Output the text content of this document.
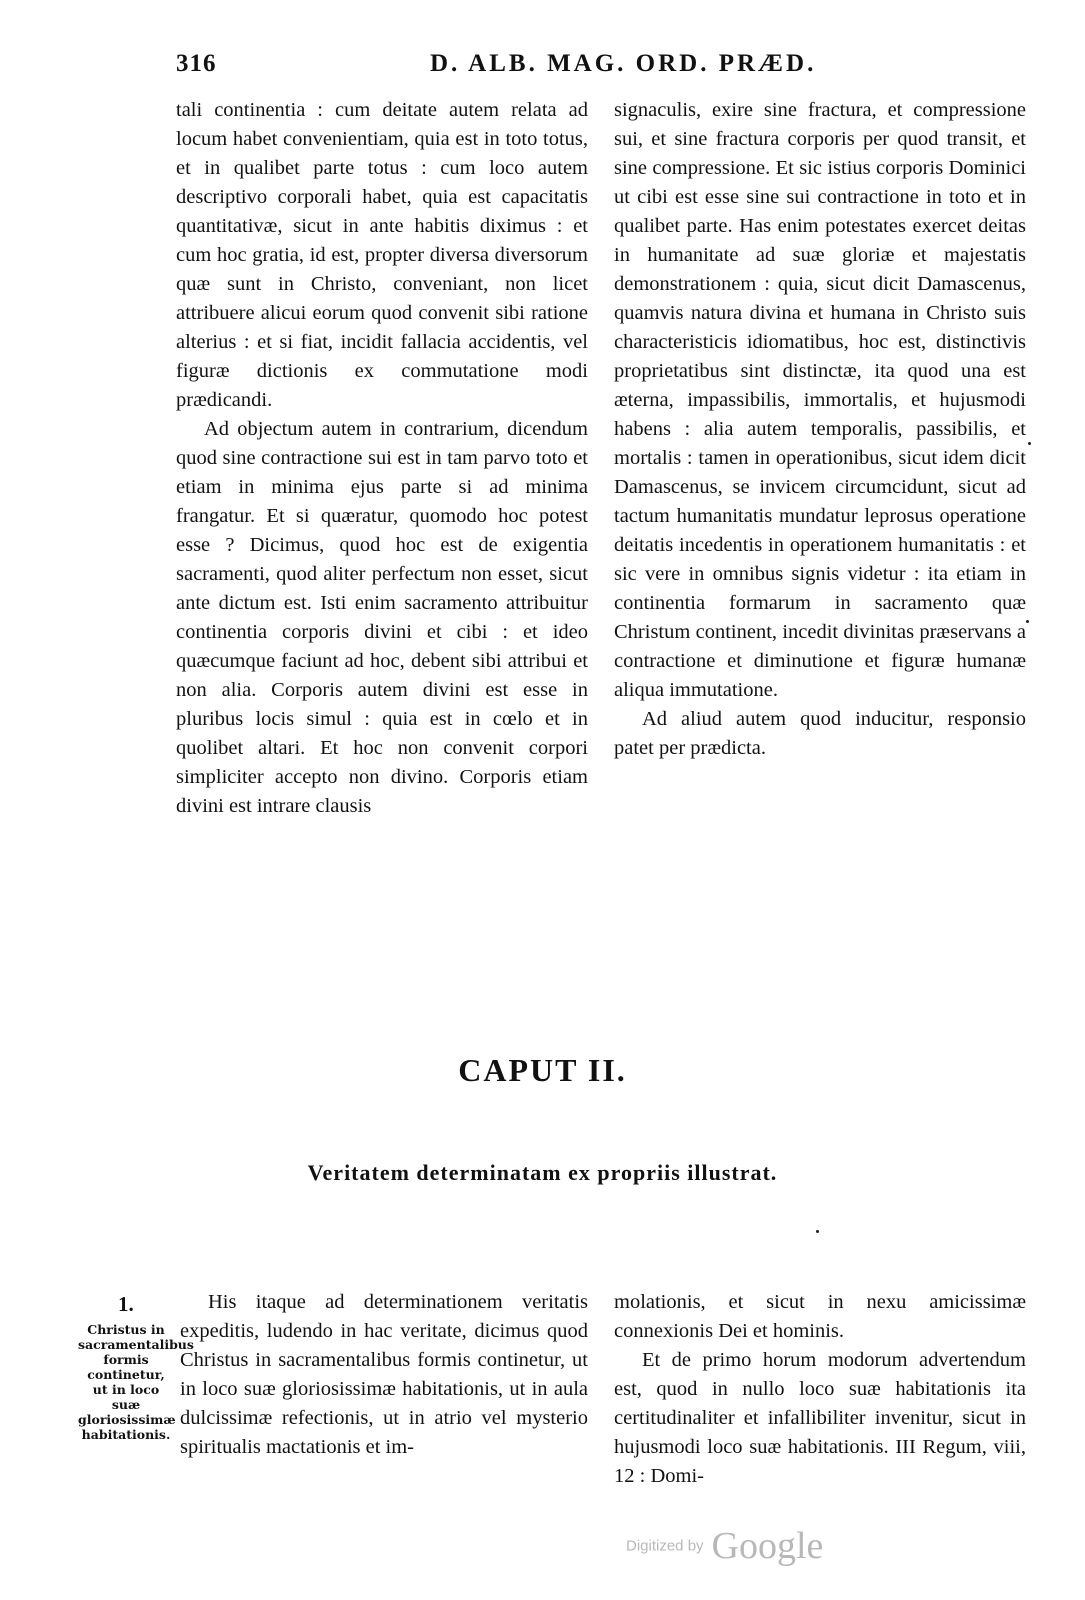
316	D. ALB. MAG. ORD. PRÆD.

tali continentia : cum deitate autem relata ad locum habet convenientiam, quia est in toto totus, et in qualibet parte totus : cum loco autem descriptivo corporali habet, quia est capacitatis quantitativæ, sicut in ante habitis diximus : et cum hoc gratia, id est, propter diversa diversorum quæ sunt in Christo, conveniant, non licet attribuere alicui eorum quod convenit sibi ratione alterius : et si fiat, incidit fallacia accidentis, vel figuræ dictionis ex commutatione modi prædicandi.

Ad objectum autem in contrarium, dicendum quod sine contractione sui est in tam parvo toto et etiam in minima ejus parte si ad minima frangatur. Et si quæratur, quomodo hoc potest esse ? Dicimus, quod hoc est de exigentia sacramenti, quod aliter perfectum non esset, sicut ante dictum est. Isti enim sacramento attribuitur continentia corporis divini et cibi : et ideo quæcumque faciunt ad hoc, debent sibi attribui et non alia. Corporis autem divini est esse in pluribus locis simul : quia est in cœlo et in quolibet altari. Et hoc non convenit corpori simpliciter accepto non divino. Corporis etiam divini est intrare clausis

signaculis, exire sine fractura, et compressione sui, et sine fractura corporis per quod transit, et sine compressione. Et sic istius corporis Dominici ut cibi est esse sine sui contractione in toto et in qualibet parte. Has enim potestates exercet deitas in humanitate ad suæ gloriæ et majestatis demonstrationem : quia, sicut dicit Damascenus, quamvis natura divina et humana in Christo suis characteristicis idiomatibus, hoc est, distinctivis proprietatibus sint distinctæ, ita quod una est æterna, impassibilis, immortalis, et hujusmodi habens : alia autem temporalis, passibilis, et mortalis : tamen in operationibus, sicut idem dicit Damascenus, se invicem circumcidunt, sicut ad tactum humanitatis mundatur leprosus operatione deitatis incedentis in operationem humanitatis : et sic vere in omnibus signis videtur : ita etiam in continentia formarum in sacramento quæ Christum continent, incedit divinitas præservans a contractione et diminutione et figuræ humanæ aliqua immutatione.

Ad aliud autem quod inducitur, responsio patet per prædicta.

CAPUT II.
Veritatem determinatam ex propriis illustrat.
1.
Christus in sacramentalibus formis continetur, ut in loco suæ gloriosissimæ habitationis.

His itaque ad determinationem veritatis expeditis, ludendo in hac veritate, dicimus quod Christus in sacramentalibus formis continetur, ut in loco suæ gloriosissimæ habitationis, ut in aula dulcissimæ refectionis, ut in atrio vel mysterio spiritualis mactationis et im-

molationis, et sicut in nexu amicissimæ connexionis Dei et hominis.

Et de primo horum modorum advertendum est, quod in nullo loco suæ habitationis ita certitudinaliter et infallibiliter invenitur, sicut in hujusmodi loco suæ habitationis. III Regum, viii, 12 : Domi-

Digitized by Google
